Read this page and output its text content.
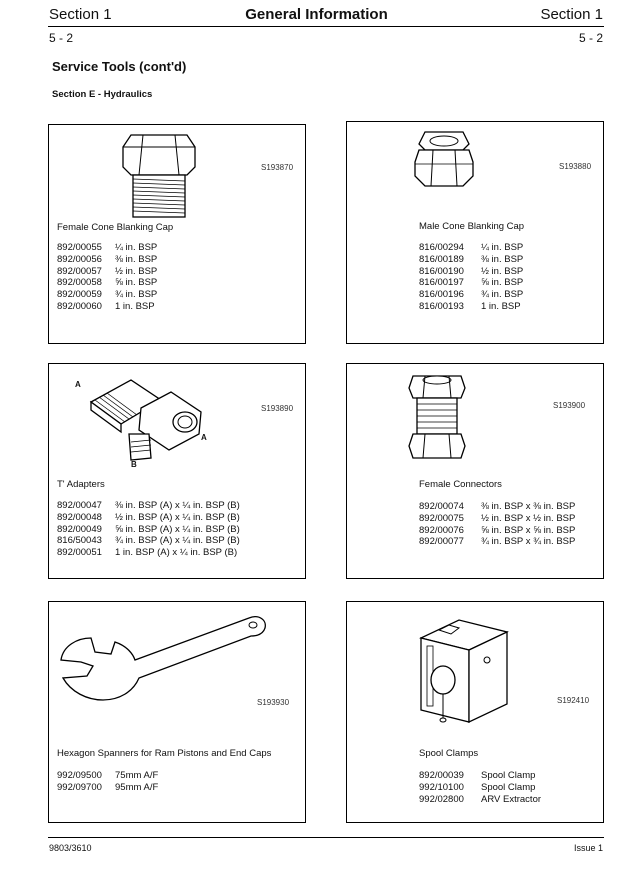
Section 1	General Information	Section 1
5 - 2	5 - 2
Service Tools (cont'd)
Section E - Hydraulics
S193870
Female Cone Blanking Cap
892/00055 ¼ in. BSP
892/00056 ⅜ in. BSP
892/00057 ½ in. BSP
892/00058 ⅝ in. BSP
892/00059 ¾ in. BSP
892/00060 1 in. BSP
S193880
Male Cone Blanking Cap
816/00294 ¼ in. BSP
816/00189 ⅜ in. BSP
816/00190 ½ in. BSP
816/00197 ⅝ in. BSP
816/00196 ¾ in. BSP
816/00193 1 in. BSP
A
A
B
S193890
T' Adapters
892/00047 ⅜ in. BSP (A) x ¼ in. BSP (B)
892/00048 ½ in. BSP (A) x ¼ in. BSP (B)
892/00049 ⅝ in. BSP (A) x ¼ in. BSP (B)
816/50043 ¾ in. BSP (A) x ¼ in. BSP (B)
892/00051 1 in. BSP (A) x ¼ in. BSP (B)
S193900
Female Connectors
892/00074 ⅜ in. BSP x ⅜ in. BSP
892/00075 ½ in. BSP x ½ in. BSP
892/00076 ⅝ in. BSP x ⅝ in. BSP
892/00077 ¾ in. BSP x ¾ in. BSP
S193930
Hexagon Spanners for Ram Pistons and End Caps
992/09500 75mm A/F
992/09700 95mm A/F
S192410
Spool Clamps
892/00039 Spool Clamp
992/10100 Spool Clamp
992/02800 ARV Extractor
9803/3610	Issue 1
